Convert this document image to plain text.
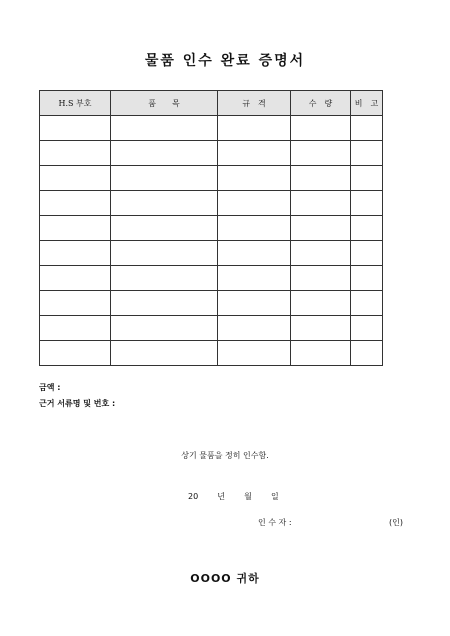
물품 인수 완료 증명서
H.S 부호	품　　목	규　격	수　량	비　고

금액 :
근거 서류명 및 번호 :
상기 물품을 정히 인수함.
20 년 월 일
인 수 자 :	(인)
OOOO 귀하
